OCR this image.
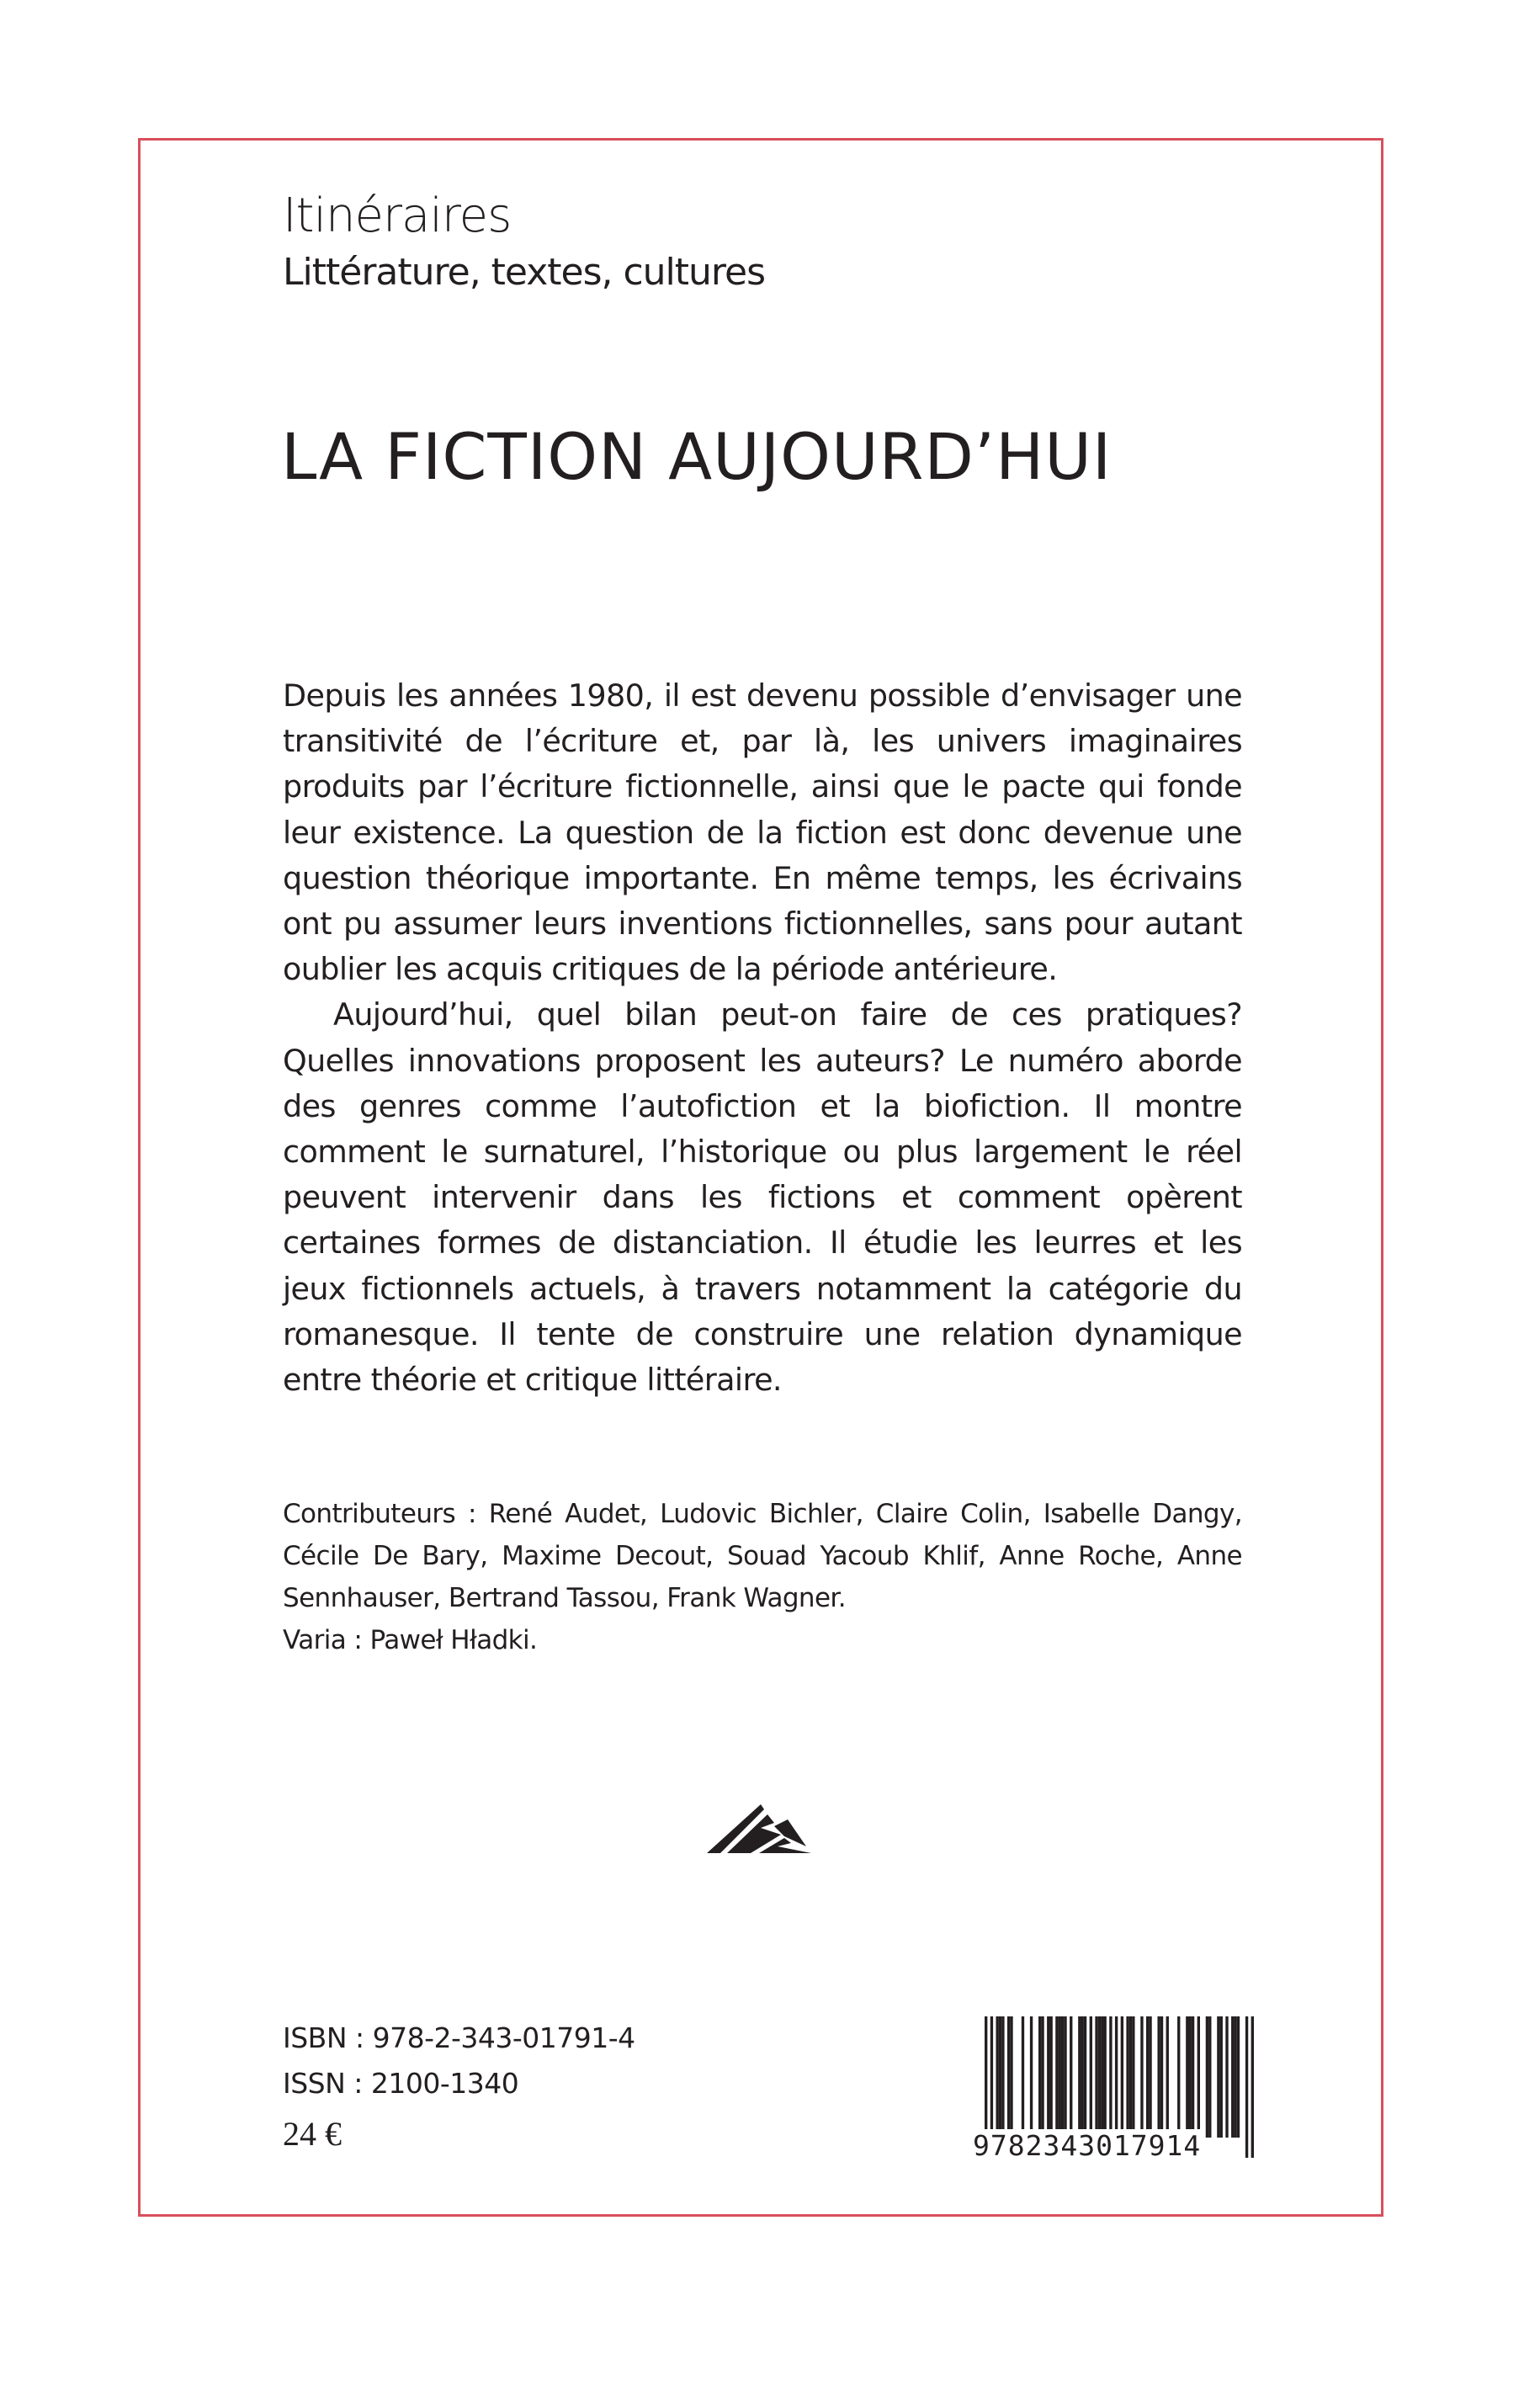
Itinéraires
Littérature, textes, cultures
LA FICTION AUJOURD’HUI

Depuis les années 1980, il est devenu possible d’envisager une transitivité de l’écriture et, par là, les univers imaginaires produits par l’écriture fictionnelle, ainsi que le pacte qui fonde leur existence. La question de la fiction est donc devenue une question théorique importante. En même temps, les écrivains ont pu assumer leurs inventions fictionnelles, sans pour autant oublier les acquis critiques de la période antérieure.

Aujourd’hui, quel bilan peut-on faire de ces pratiques? Quelles innovations proposent les auteurs? Le numéro aborde des genres comme l’autofiction et la biofiction. Il montre comment le surnaturel, l’historique ou plus largement le réel peuvent intervenir dans les fictions et comment opèrent certaines formes de distanciation. Il étudie les leurres et les jeux fictionnels actuels, à travers notamment la catégorie du romanesque. Il tente de construire une relation dynamique entre théorie et critique littéraire.

Contributeurs : René Audet, Ludovic Bichler, Claire Colin, Isabelle Dangy, Cécile De Bary, Maxime Decout, Souad Yacoub Khlif, Anne Roche, Anne Sennhauser, Bertrand Tassou, Frank Wagner.

Varia : Paweł Hładki.

ISBN : 978-2-343-01791-4
ISSN : 2100-1340
24 €	9782343017914
